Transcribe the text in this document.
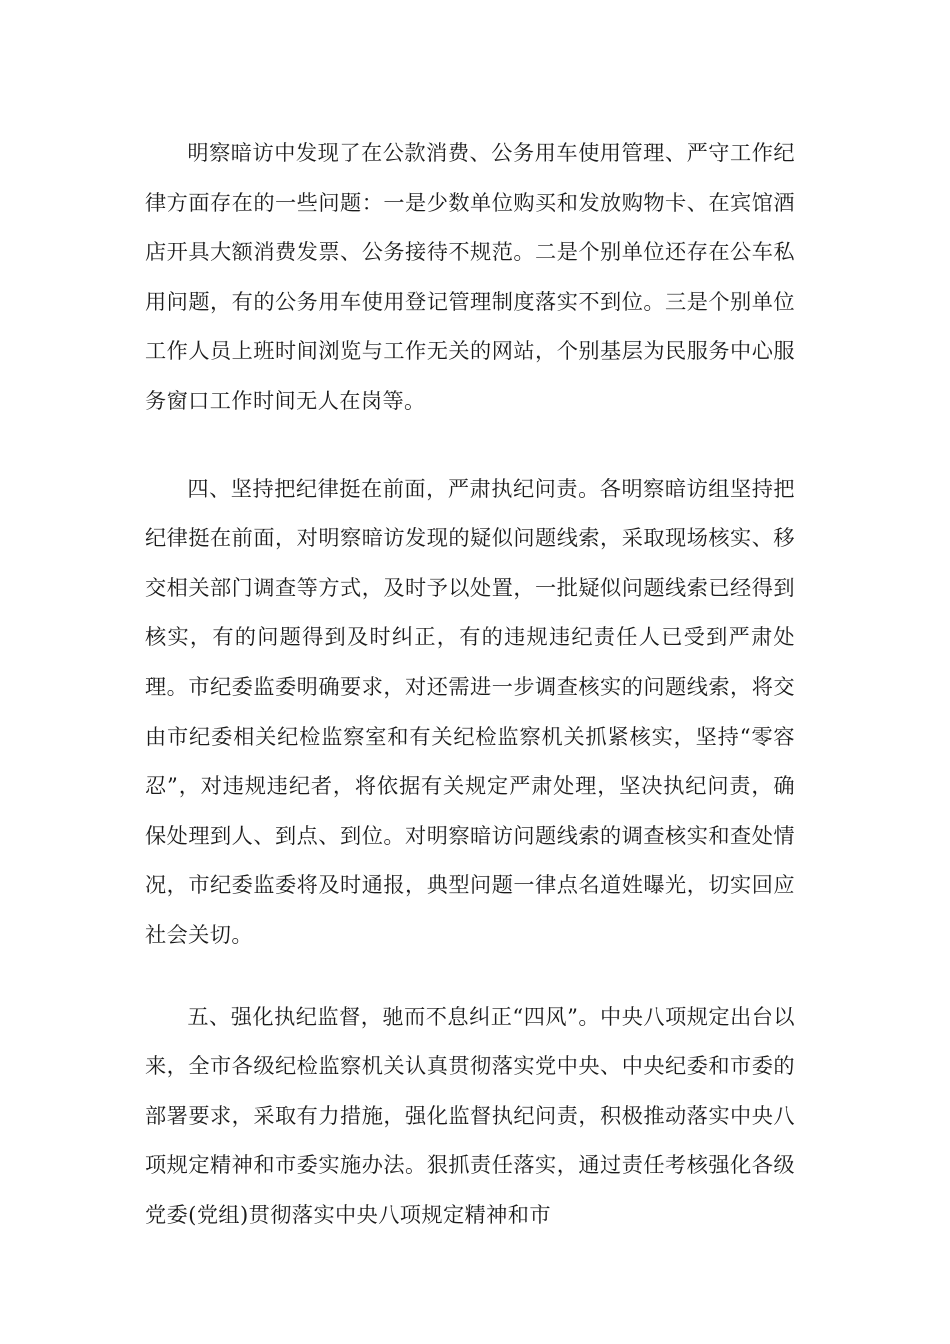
明察暗访中发现了在公款消费、公务用车使用管理、严守工作纪律方面存在的一些问题：一是少数单位购买和发放购物卡、在宾馆酒店开具大额消费发票、公务接待不规范。二是个别单位还存在公车私用问题，有的公务用车使用登记管理制度落实不到位。三是个别单位工作人员上班时间浏览与工作无关的网站，个别基层为民服务中心服务窗口工作时间无人在岗等。

四、坚持把纪律挺在前面，严肃执纪问责。各明察暗访组坚持把纪律挺在前面，对明察暗访发现的疑似问题线索，采取现场核实、移交相关部门调查等方式，及时予以处置，一批疑似问题线索已经得到核实，有的问题得到及时纠正，有的违规违纪责任人已受到严肃处理。市纪委监委明确要求，对还需进一步调查核实的问题线索，将交由市纪委相关纪检监察室和有关纪检监察机关抓紧核实，坚持“零容忍”，对违规违纪者，将依据有关规定严肃处理，坚决执纪问责，确保处理到人、到点、到位。对明察暗访问题线索的调查核实和查处情况，市纪委监委将及时通报，典型问题一律点名道姓曝光，切实回应社会关切。

五、强化执纪监督，驰而不息纠正“四风”。中央八项规定出台以来，全市各级纪检监察机关认真贯彻落实党中央、中央纪委和市委的部署要求，采取有力措施，强化监督执纪问责，积极推动落实中央八项规定精神和市委实施办法。狠抓责任落实，通过责任考核强化各级党委(党组)贯彻落实中央八项规定精神和市
